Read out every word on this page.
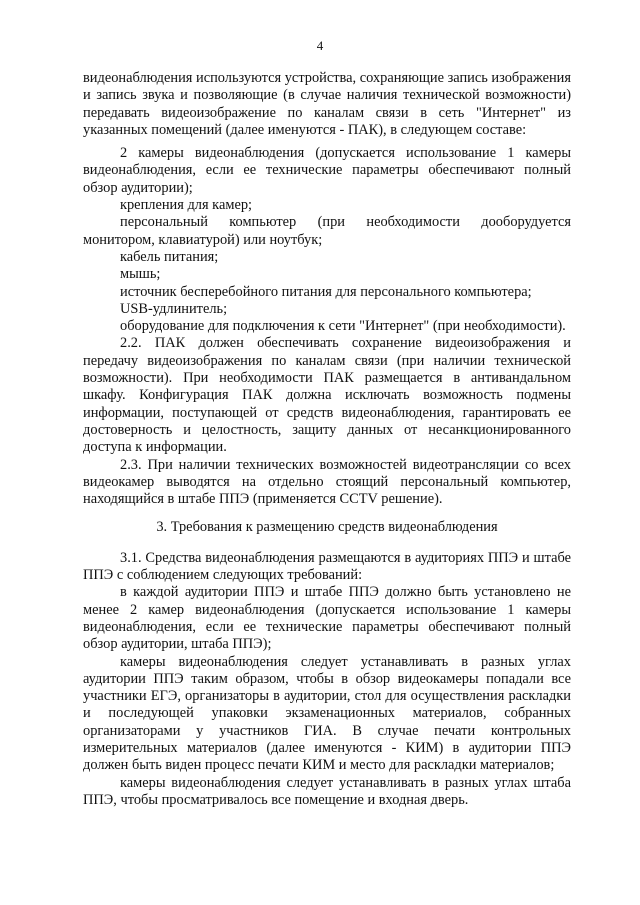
4

видеонаблюдения используются устройства, сохраняющие запись изображения и запись звука и позволяющие (в случае наличия технической возможности) передавать видеоизображение по каналам связи в сеть "Интернет" из указанных помещений (далее именуются - ПАК), в следующем составе:

2 камеры видеонаблюдения (допускается использование 1 камеры видеонаблюдения, если ее технические параметры обеспечивают полный обзор аудитории);

крепления для камер;

персональный компьютер (при необходимости дооборудуется монитором, клавиатурой) или ноутбук;

кабель питания;

мышь;

источник бесперебойного питания для персонального компьютера;

USB-удлинитель;

оборудование для подключения к сети "Интернет" (при необходимости).

2.2. ПАК должен обеспечивать сохранение видеоизображения и передачу видеоизображения по каналам связи (при наличии технической возможности). При необходимости ПАК размещается в антивандальном шкафу. Конфигурация ПАК должна исключать возможность подмены информации, поступающей от средств видеонаблюдения, гарантировать ее достоверность и целостность, защиту данных от несанкционированного доступа к информации.

2.3. При наличии технических возможностей видеотрансляции со всех видеокамер выводятся на отдельно стоящий персональный компьютер, находящийся в штабе ППЭ (применяется CCTV решение).

3. Требования к размещению средств видеонаблюдения

3.1. Средства видеонаблюдения размещаются в аудиториях ППЭ и штабе ППЭ с соблюдением следующих требований:

в каждой аудитории ППЭ и штабе ППЭ должно быть установлено не менее 2 камер видеонаблюдения (допускается использование 1 камеры видеонаблюдения, если ее технические параметры обеспечивают полный обзор аудитории, штаба ППЭ);

камеры видеонаблюдения следует устанавливать в разных углах аудитории ППЭ таким образом, чтобы в обзор видеокамеры попадали все участники ЕГЭ, организаторы в аудитории, стол для осуществления раскладки и последующей упаковки экзаменационных материалов, собранных организаторами у участников ГИА. В случае печати контрольных измерительных материалов (далее именуются - КИМ) в аудитории ППЭ должен быть виден процесс печати КИМ и место для раскладки материалов;

камеры видеонаблюдения следует устанавливать в разных углах штаба ППЭ, чтобы просматривалось все помещение и входная дверь.
